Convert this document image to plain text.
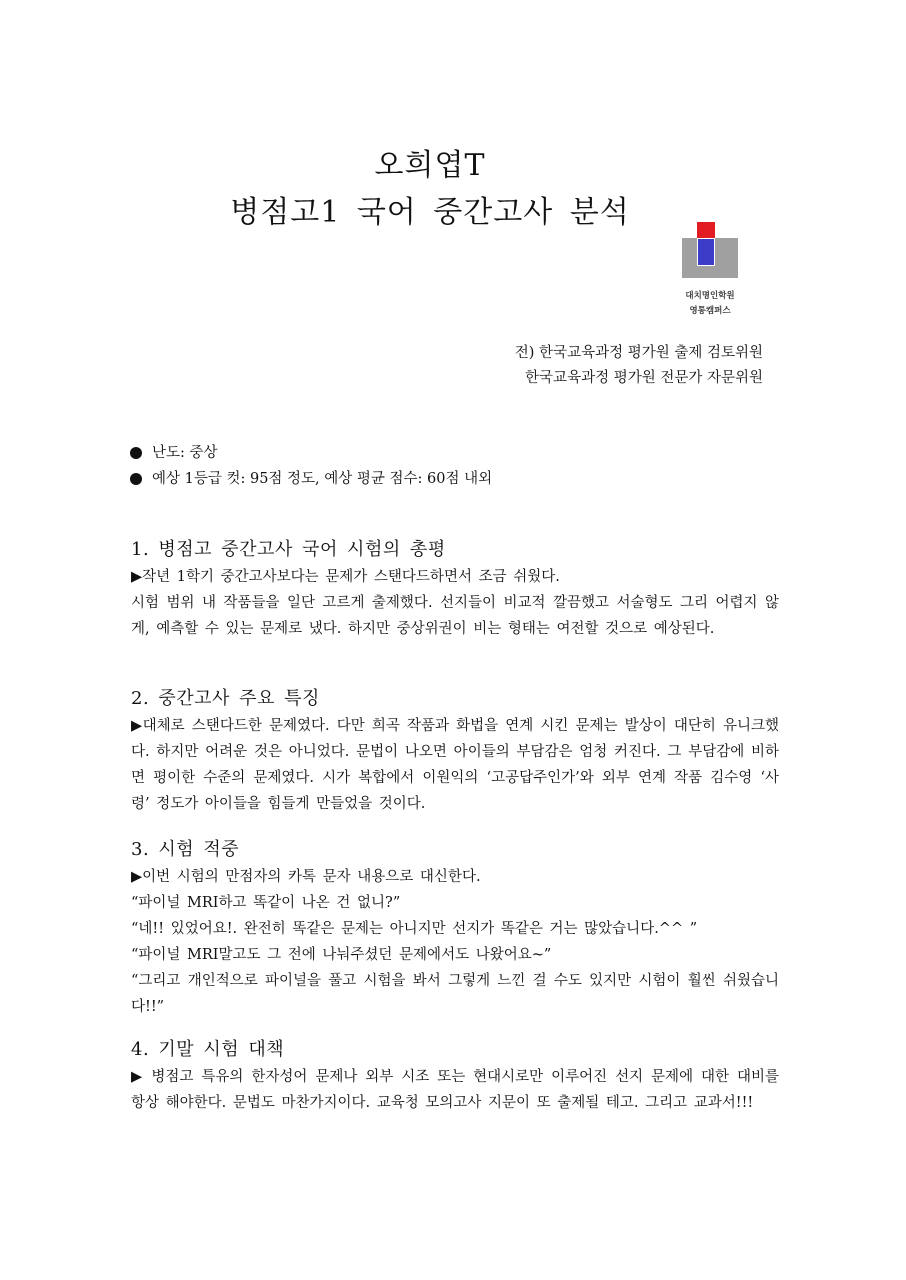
오희엽T
병점고1 국어 중간고사 분석
대치명인학원
영통캠퍼스
전) 한국교육과정 평가원 출제 검토위원
한국교육과정 평가원 전문가 자문위원
난도: 중상
예상 1등급 컷: 95점 정도, 예상 평균 점수: 60점 내외
1. 병점고 중간고사 국어 시험의 총평

▶작년 1학기 중간고사보다는 문제가 스탠다드하면서 조금 쉬웠다.

시험 범위 내 작품들을 일단 고르게 출제했다. 선지들이 비교적 깔끔했고 서술형도 그리 어렵지 않게, 예측할 수 있는 문제로 냈다. 하지만 중상위권이 비는 형태는 여전할 것으로 예상된다.

2. 중간고사 주요 특징

▶대체로 스탠다드한 문제였다. 다만 희곡 작품과 화법을 연계 시킨 문제는 발상이 대단히 유니크했다. 하지만 어려운 것은 아니었다. 문법이 나오면 아이들의 부담감은 엄청 커진다. 그 부담감에 비하면 평이한 수준의 문제였다. 시가 복합에서 이원익의 ‘고공답주인가’와 외부 연계 작품 김수영 ‘사령’ 정도가 아이들을 힘들게 만들었을 것이다.

3. 시험 적중

▶이번 시험의 만점자의 카톡 문자 내용으로 대신한다.

“파이널 MRI하고 똑같이 나온 건 없니?”

“네!! 있었어요!. 완전히 똑같은 문제는 아니지만 선지가 똑같은 거는 많았습니다.^^ ”

“파이널 MRI말고도 그 전에 나눠주셨던 문제에서도 나왔어요~”

“그리고 개인적으로 파이널을 풀고 시험을 봐서 그렇게 느낀 걸 수도 있지만 시험이 훨씬 쉬웠습니다!!”

4. 기말 시험 대책

▶ 병점고 특유의 한자성어 문제나 외부 시조 또는 현대시로만 이루어진 선지 문제에 대한 대비를 항상 해야한다. 문법도 마찬가지이다. 교육청 모의고사 지문이 또 출제될 테고. 그리고 교과서!!!
